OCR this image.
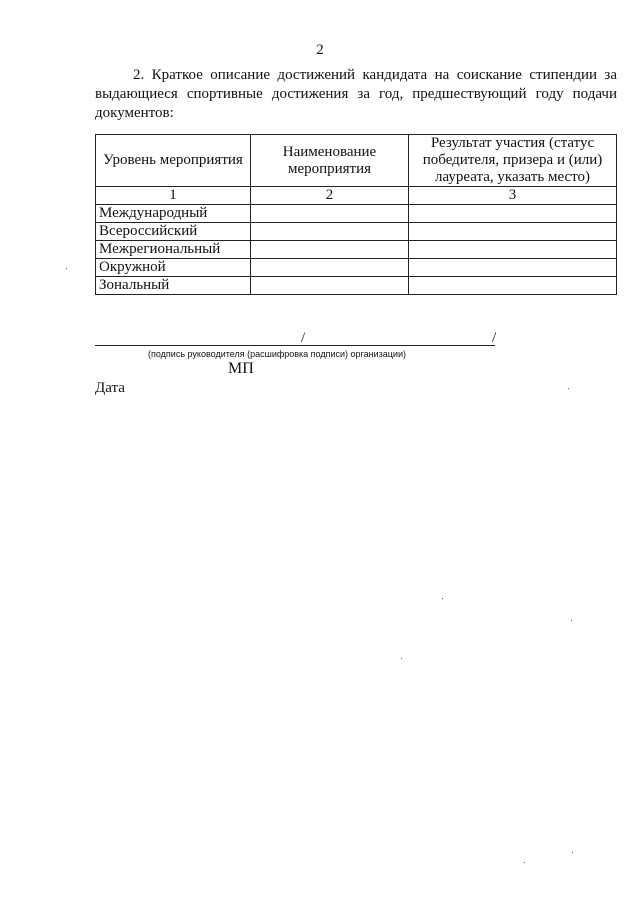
2
2. Краткое описание достижений кандидата на соискание стипендии за выдающиеся спортивные достижения за год, предшествующий году подачи документов:
Уровень мероприятия	Наименование мероприятия	Результат участия (статус победителя, призера и (или) лауреата, указать место)
1	2	3
Международный		
Всероссийский		
Межрегиональный		
Окружной		
Зональный		
/	/
(подпись руководителя (расшифровка подписи) организации)
МП
Дата
